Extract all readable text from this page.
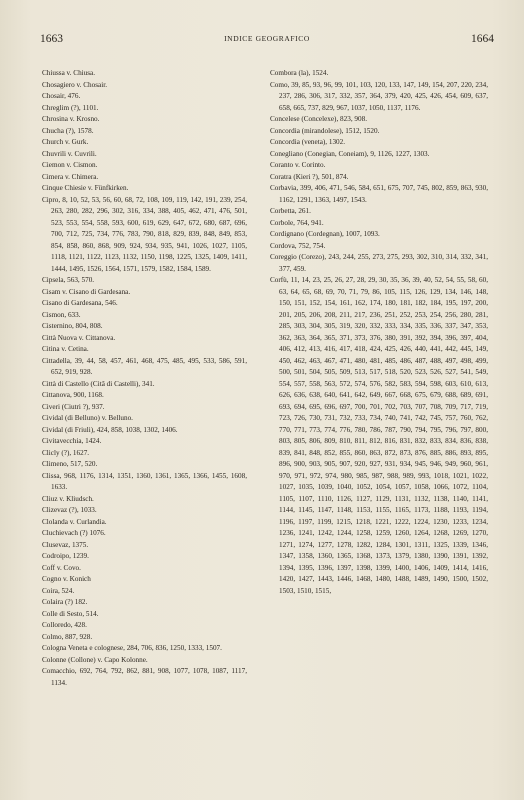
1663	INDICE GEOGRAFICO	1664
Chiussa v. Chiusa.
Chosagiero v. Chosair.
Chosair, 476.
Chreglim (?), 1101.
Chrosina v. Krosno.
Chucha (?), 1578.
Church v. Gurk.
Chuvrili v. Cuvrili.
Ciemon v. Cismon.
Cimera v. Chimera.
Cinque Chiesie v. Fünfkirken.
Cipro, 8, 10, 52, 53, 56, 60, 68, 72, 108, 109, 119, 142, 191, 239, 254, 263, 280, 282, 296, 302, 316, 334, 388, 405, 462, 471, 476, 501, 523, 553, 554, 558, 593, 600, 619, 629, 647, 672, 680, 687, 696, 700, 712, 725, 734, 776, 783, 790, 818, 829, 839, 848, 849, 853, 854, 858, 860, 868, 909, 924, 934, 935, 941, 1026, 1027, 1105, 1118, 1121, 1122, 1123, 1132, 1150, 1198, 1225, 1325, 1409, 1411, 1444, 1495, 1526, 1564, 1571, 1579, 1582, 1584, 1589.
Cipsela, 563, 570.
Cisam v. Cisano di Gardesana.
Cisano di Gardesana, 546.
Cismon, 633.
Cisternino, 804, 808.
Città Nuova v. Cittanova.
Citina v. Cetina.
Cittadella, 39, 44, 58, 457, 461, 468, 475, 485, 495, 533, 586, 591, 652, 919, 928.
Città di Castello (Citâ di Castelli), 341.
Cittanova, 900, 1168.
Civeri (Ciutri ?), 937.
Cividal (di Belluno) v. Belluno.
Cividal (di Friuli), 424, 858, 1038, 1302, 1406.
Civitavecchia, 1424.
Clicly (?), 1627.
Climeno, 517, 520.
Clissa, 968, 1176, 1314, 1351, 1360, 1361, 1365, 1366, 1455, 1608, 1633.
Cliuz v. Kliudsch.
Clizevaz (?), 1033.
Clolanda v. Curlandia.
Cluchievach (?) 1076.
Clusevaz, 1375.
Codroipo, 1239.
Coff v. Covo.
Cogno v. Konich
Coira, 524.
Colaira (?) 182.
Colle di Sesto, 514.
Colloredo, 428.
Colmo, 887, 928.
Cologna Veneta e colognese, 284, 706, 836, 1250, 1333, 1507.
Colonne (Collone) v. Capo Kolonne.
Comacchio, 692, 764, 792, 862, 881, 908, 1077, 1078, 1087, 1117, 1134.
Combora (la), 1524.
Como, 39, 85, 93, 96, 99, 101, 103, 120, 133, 147, 149, 154, 207, 220, 234, 237, 286, 306, 317, 332, 357, 364, 379, 420, 425, 426, 454, 609, 637, 658, 665, 737, 829, 967, 1037, 1050, 1137, 1176.
Concelese (Concelexe), 823, 908.
Concordia (mirandolese), 1512, 1520.
Concordia (veneta), 1302.
Conegliano (Conegian, Coneiam), 9, 1126, 1227, 1303.
Coranto v. Corinto.
Coratra (Kieri ?), 501, 874.
Corbavia, 399, 406, 471, 546, 584, 651, 675, 707, 745, 802, 859, 863, 930, 1162, 1291, 1363, 1497, 1543.
Corbetta, 261.
Corbole, 764, 941.
Cordignano (Cordegnan), 1007, 1093.
Cordova, 752, 754.
Coreggio (Corezo), 243, 244, 255, 273, 275, 293, 302, 310, 314, 332, 341, 377, 459.
Corfù, 11, 14, 23, 25, 26, 27, 28, 29, 30, 35, 36, 39, 40, 52, 54, 55, 58, 60, 63, 64, 65, 68, 69, 70, 71, 79, 86, 105, 115, 126, 129, 134, 146, 148, 150, 151, 152, 154, 161, 162, 174, 180, 181, 182, 184, 195, 197, 200, 201, 205, 206, 208, 211, 217, 236, 251, 252, 253, 254, 256, 280, 281, 285, 303, 304, 305, 319, 320, 332, 333, 334, 335, 336, 337, 347, 353, 362, 363, 364, 365, 371, 373, 376, 380, 391, 392, 394, 396, 397, 404, 406, 412, 413, 416, 417, 418, 424, 425, 426, 440, 441, 442, 445, 149, 450, 462, 463, 467, 471, 480, 481, 485, 486, 487, 488, 497, 498, 499, 500, 501, 504, 505, 509, 513, 517, 518, 520, 523, 526, 527, 541, 549, 554, 557, 558, 563, 572, 574, 576, 582, 583, 594, 598, 603, 610, 613, 626, 636, 638, 640, 641, 642, 649, 667, 668, 675, 679, 688, 689, 691, 693, 694, 695, 696, 697, 700, 701, 702, 703, 707, 708, 709, 717, 719, 723, 726, 730, 731, 732, 733, 734, 740, 741, 742, 745, 757, 760, 762, 770, 771, 773, 774, 776, 780, 786, 787, 790, 794, 795, 796, 797, 800, 803, 805, 806, 809, 810, 811, 812, 816, 831, 832, 833, 834, 836, 838, 839, 841, 848, 852, 855, 860, 863, 872, 873, 876, 885, 886, 893, 895, 896, 900, 903, 905, 907, 920, 927, 931, 934, 945, 946, 949, 960, 961, 970, 971, 972, 974, 980, 985, 987, 988, 989, 993, 1018, 1021, 1022, 1027, 1035, 1039, 1040, 1052, 1054, 1057, 1058, 1066, 1072, 1104, 1105, 1107, 1110, 1126, 1127, 1129, 1131, 1132, 1138, 1140, 1141, 1144, 1145, 1147, 1148, 1153, 1155, 1165, 1173, 1188, 1193, 1194, 1196, 1197, 1199, 1215, 1218, 1221, 1222, 1224, 1230, 1233, 1234, 1236, 1241, 1242, 1244, 1258, 1259, 1260, 1264, 1268, 1269, 1270, 1271, 1274, 1277, 1278, 1282, 1284, 1301, 1311, 1325, 1339, 1346, 1347, 1358, 1360, 1365, 1368, 1373, 1379, 1380, 1390, 1391, 1392, 1394, 1395, 1396, 1397, 1398, 1399, 1400, 1406, 1409, 1414, 1416, 1420, 1427, 1443, 1446, 1468, 1480, 1488, 1489, 1490, 1500, 1502, 1503, 1510, 1515,
